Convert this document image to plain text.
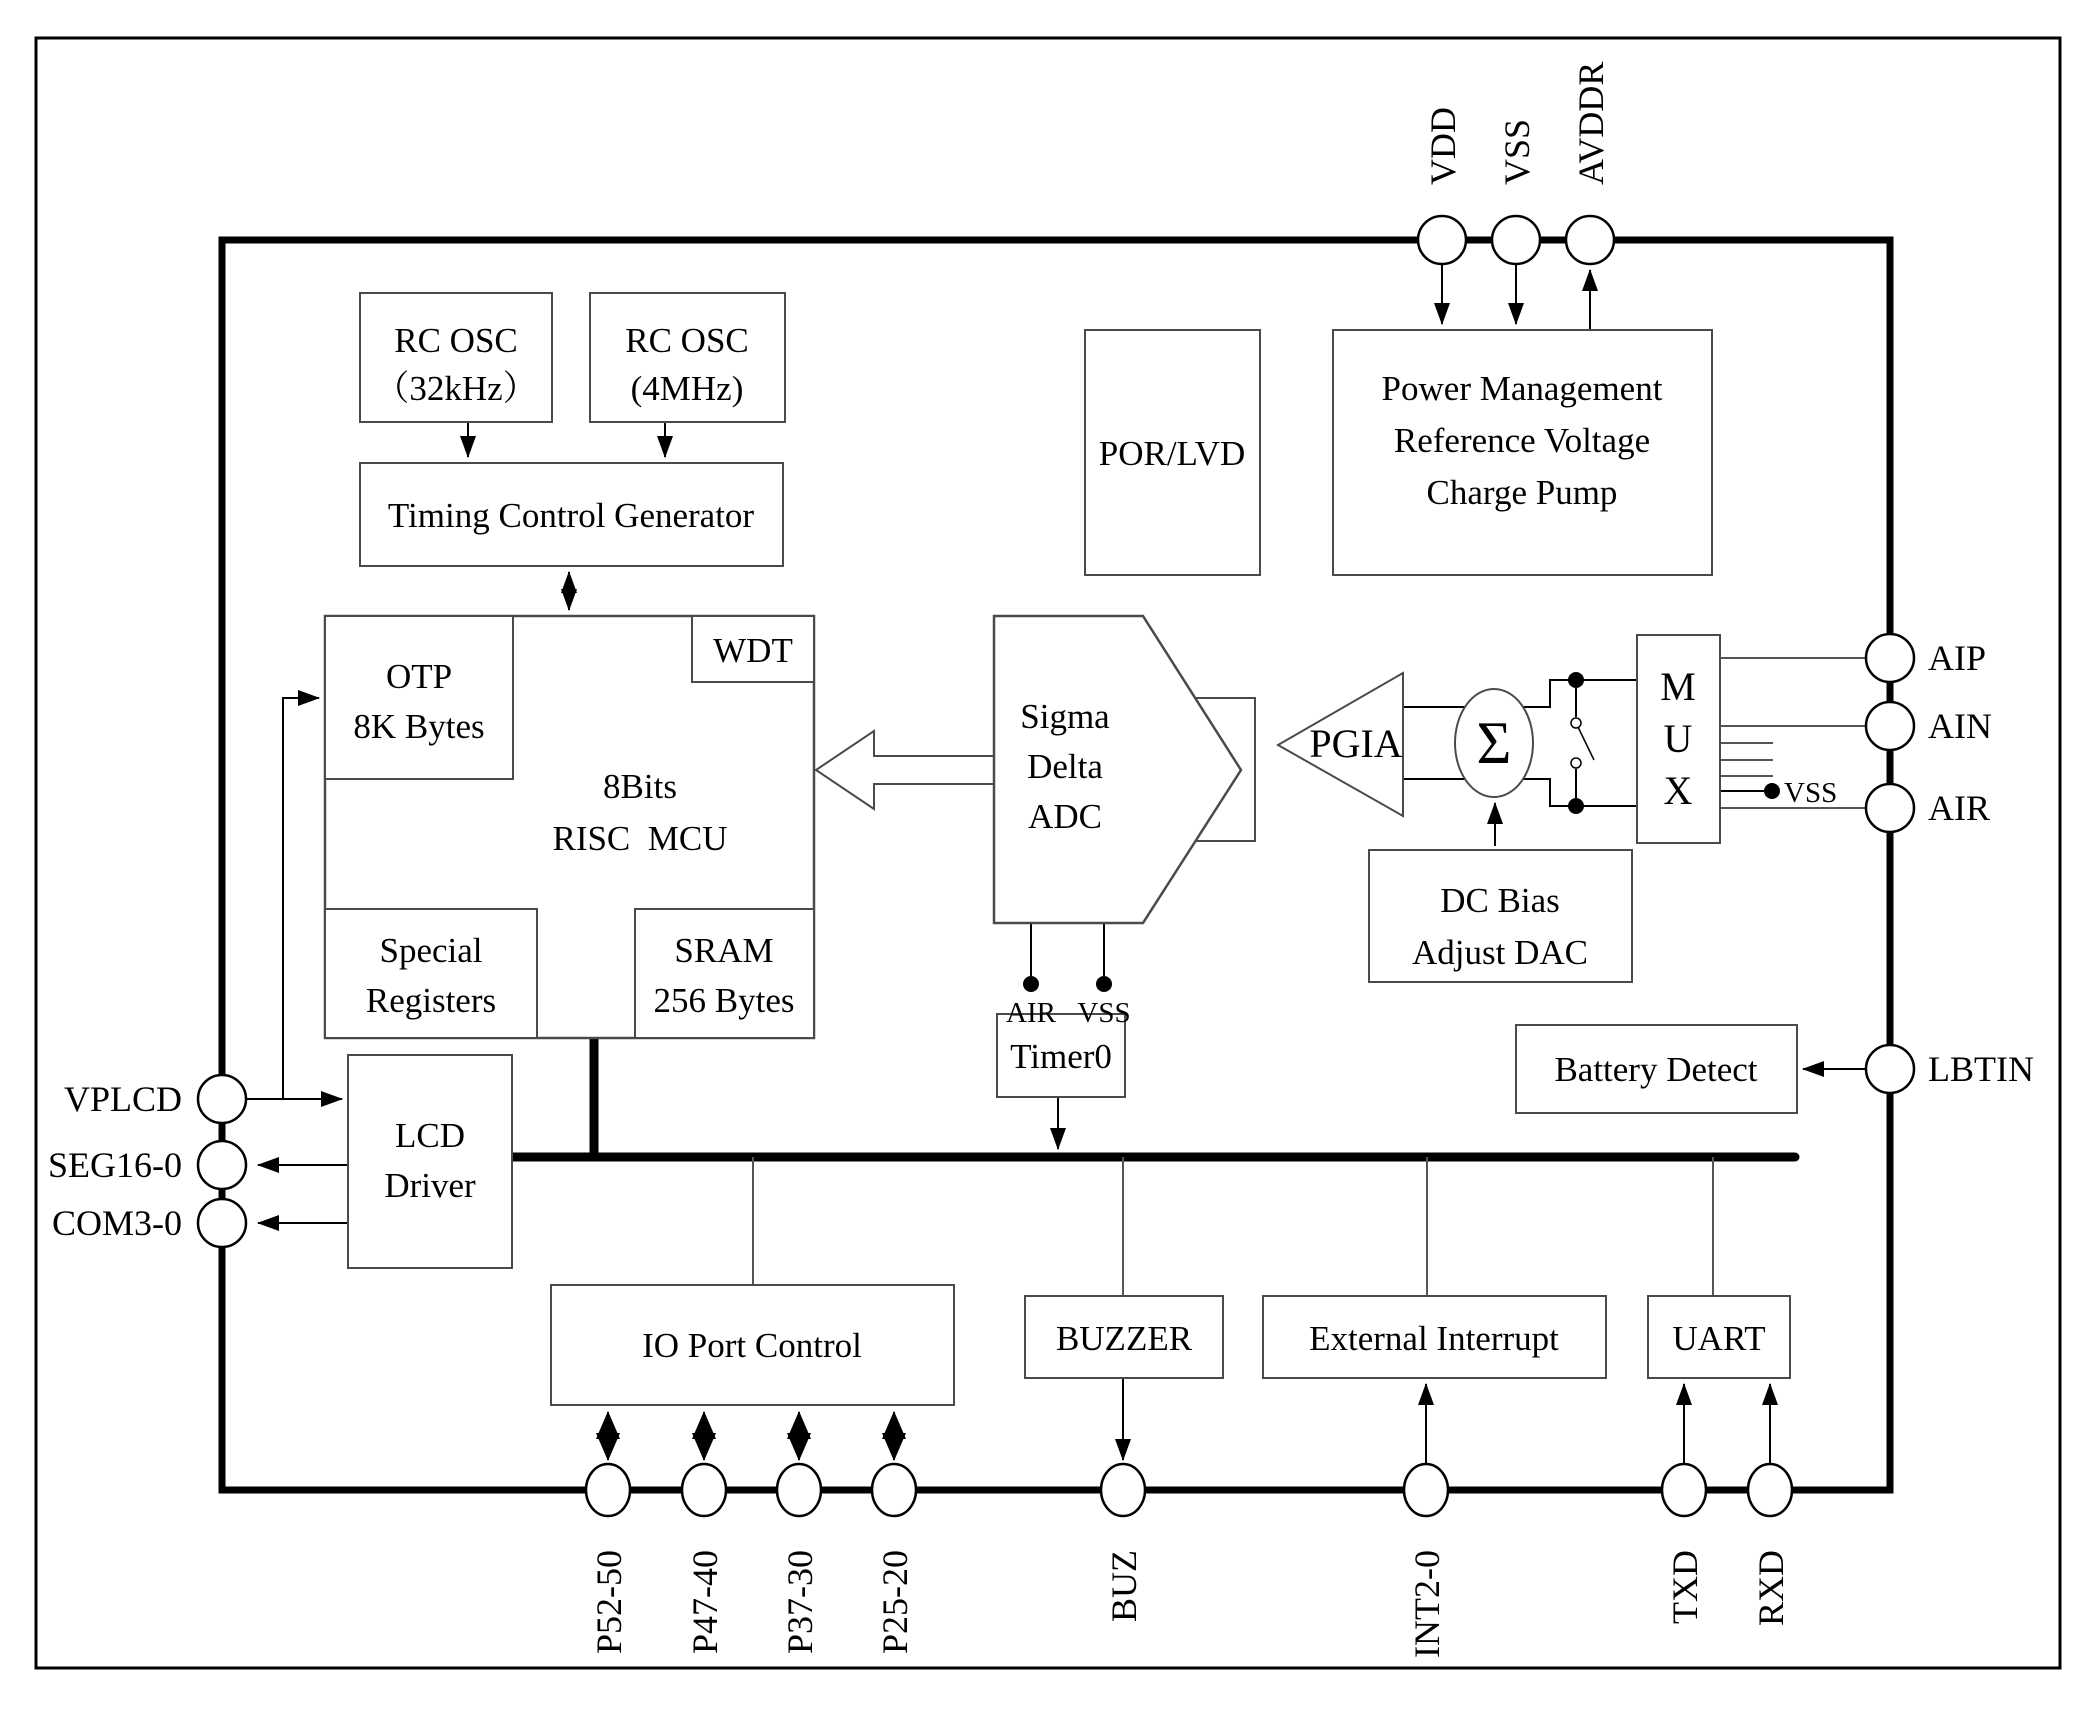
RC OSC
（32kHz）
RC OSC
(4MHz)
Timing Control Generator
POR/LVD
Power Management
Reference Voltage
Charge Pump
OTP
8K Bytes
WDT
8Bits
RISC  MCU
Special
Registers
SRAM
256 Bytes
Sigma
Delta
ADC
PGIA Σ
M
U
X
DC Bias
Adjust DAC
Battery Detect
Timer0
LCD
Driver
IO Port Control	BUZZER	External Interrupt	UART
VDD VSS AVDDR
AIP
AIN
AIR
LBTIN
VPLCD
SEG16-0
COM3-0
P52-50 P47-40 P37-30 P25-20	BUZ	INT2-0	TXD RXD
AIR VSS
VSS
